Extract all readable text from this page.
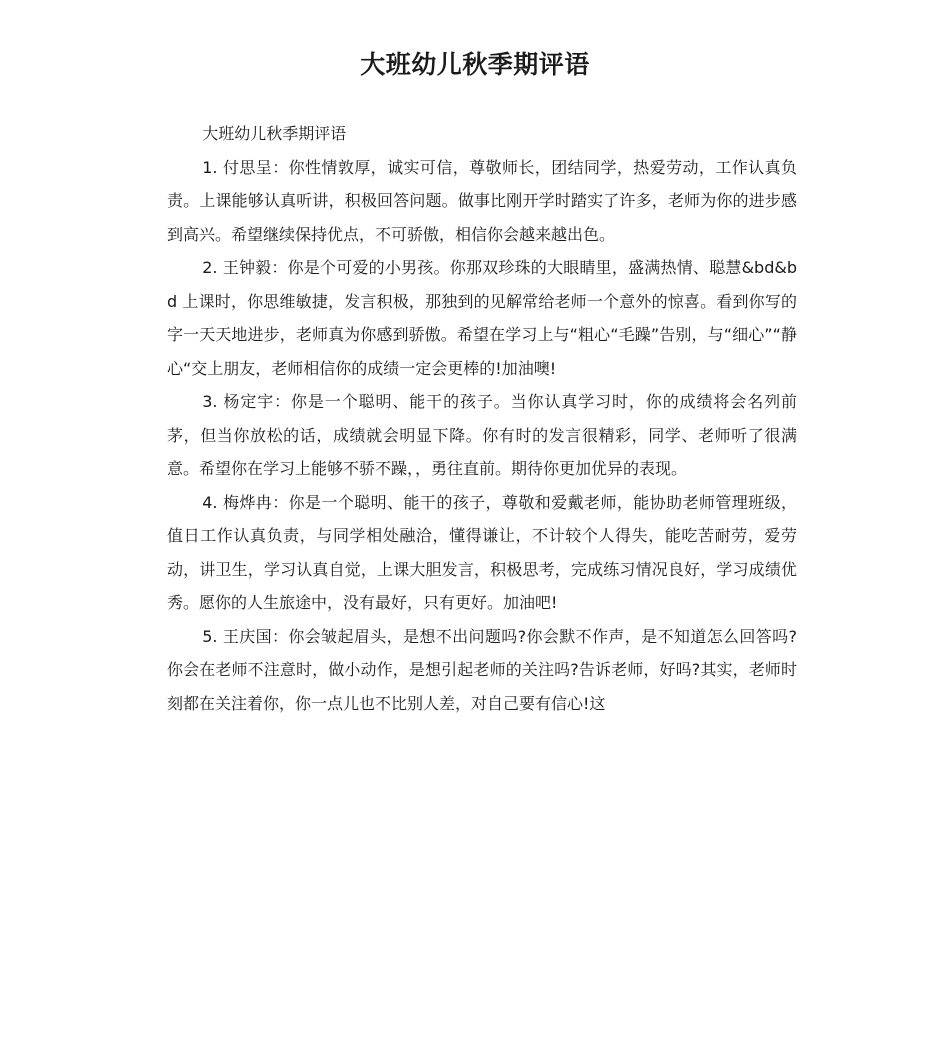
大班幼儿秋季期评语

大班幼儿秋季期评语

1. 付思呈：你性情敦厚，诚实可信，尊敬师长，团结同学，热爱劳动，工作认真负责。上课能够认真听讲，积极回答问题。做事比刚开学时踏实了许多，老师为你的进步感到高兴。希望继续保持优点，不可骄傲，相信你会越来越出色。

2. 王钟毅：你是个可爱的小男孩。你那双珍珠的大眼睛里，盛满热情、聪慧&bd&bd 上课时，你思维敏捷，发言积极，那独到的见解常给老师一个意外的惊喜。看到你写的字一天天地进步，老师真为你感到骄傲。希望在学习上与“粗心“毛躁”告别，与“细心”“静心“交上朋友，老师相信你的成绩一定会更棒的!加油噢!

3. 杨定宇：你是一个聪明、能干的孩子。当你认真学习时，你的成绩将会名列前茅，但当你放松的话，成绩就会明显下降。你有时的发言很精彩，同学、老师听了很满意。希望你在学习上能够不骄不躁，，勇往直前。期待你更加优异的表现。

4. 梅烨冉：你是一个聪明、能干的孩子，尊敬和爱戴老师，能协助老师管理班级，值日工作认真负责，与同学相处融洽，懂得谦让，不计较个人得失，能吃苦耐劳，爱劳动，讲卫生，学习认真自觉，上课大胆发言，积极思考，完成练习情况良好，学习成绩优秀。愿你的人生旅途中，没有最好，只有更好。加油吧!

5. 王庆国：你会皱起眉头，是想不出问题吗?你会默不作声，是不知道怎么回答吗?你会在老师不注意时，做小动作，是想引起老师的关注吗?告诉老师，好吗?其实，老师时刻都在关注着你，你一点儿也不比别人差，对自己要有信心!这
